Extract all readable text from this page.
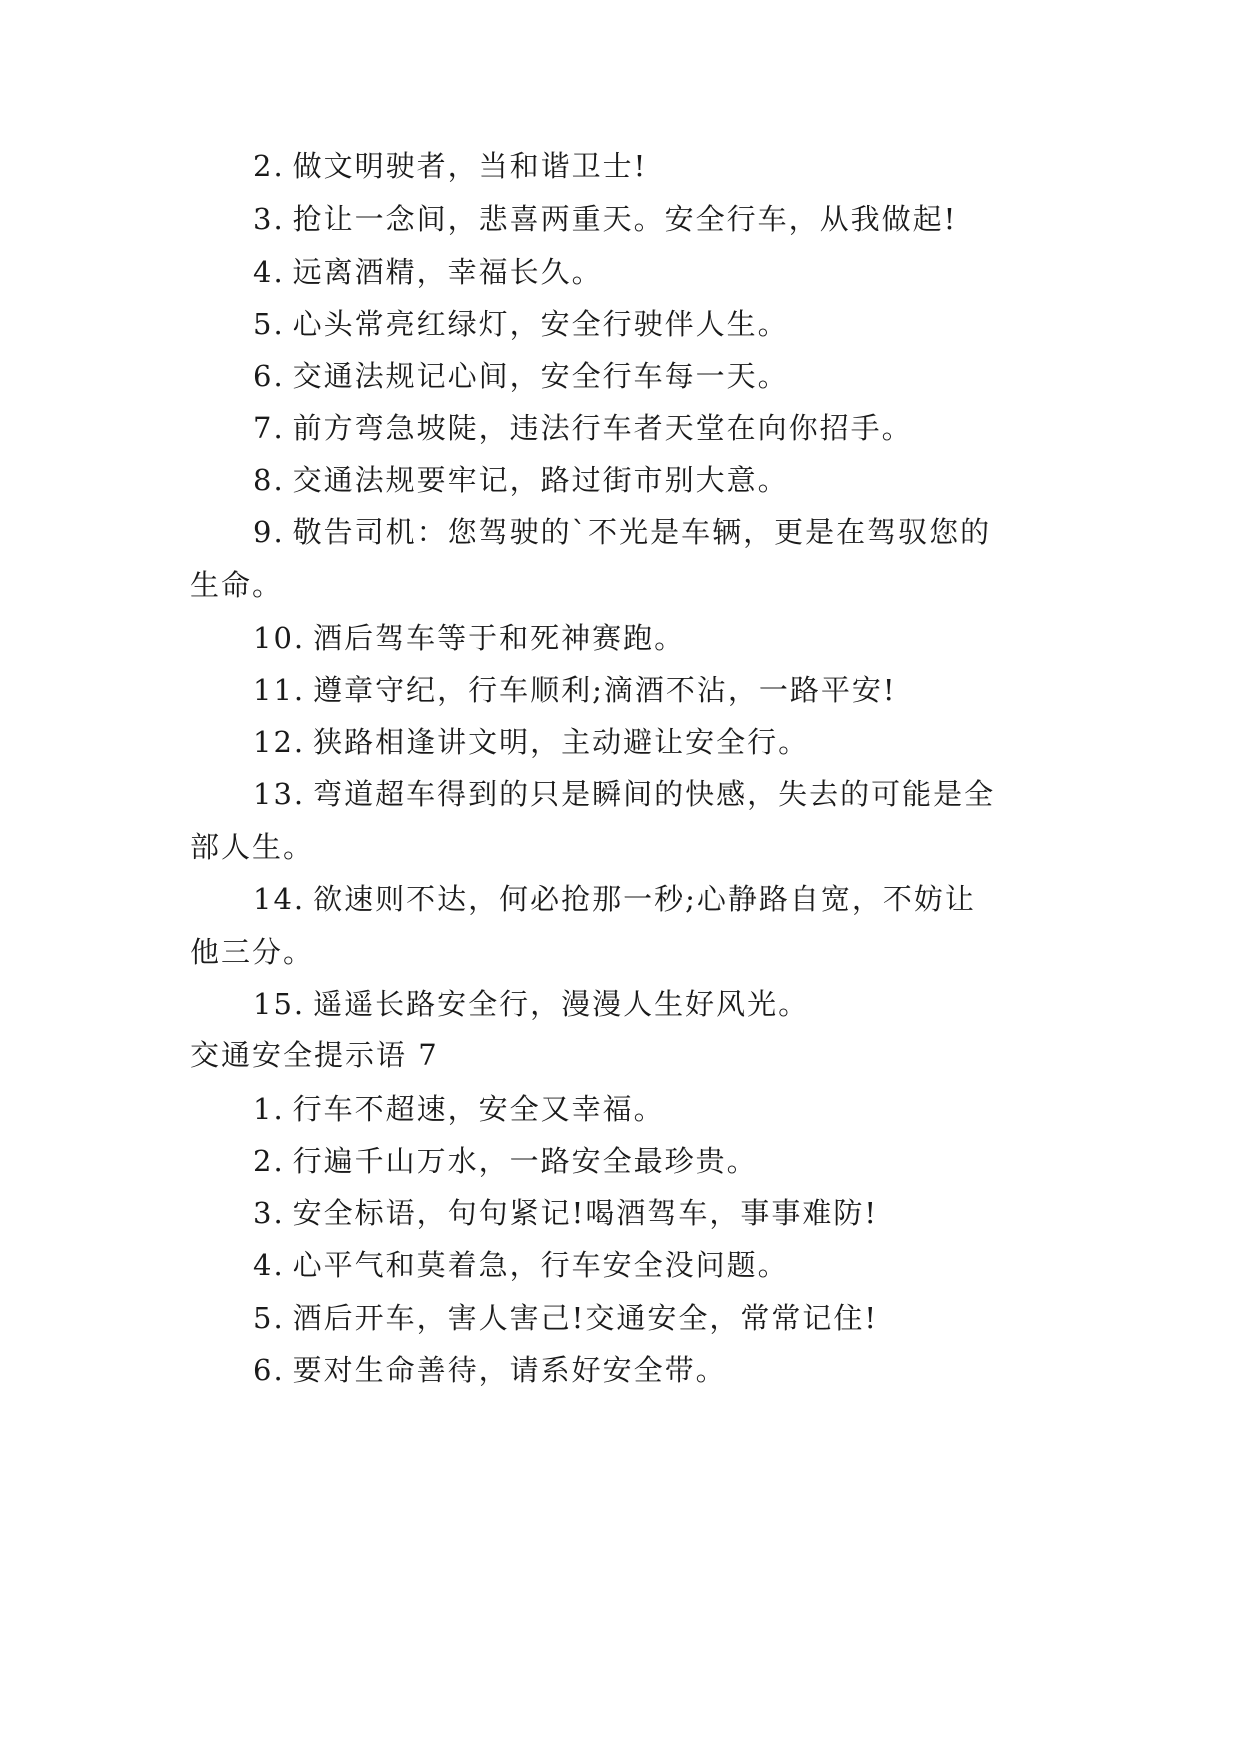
2. 做文明驶者，当和谐卫士!
3. 抢让一念间，悲喜两重天。安全行车，从我做起!
4. 远离酒精，幸福长久。
5. 心头常亮红绿灯，安全行驶伴人生。
6. 交通法规记心间，安全行车每一天。
7. 前方弯急坡陡，违法行车者天堂在向你招手。
8. 交通法规要牢记，路过街市别大意。
9. 敬告司机：您驾驶的`不光是车辆，更是在驾驭您的
生命。
10. 酒后驾车等于和死神赛跑。
11. 遵章守纪，行车顺利;滴酒不沾，一路平安!
12. 狭路相逢讲文明，主动避让安全行。
13. 弯道超车得到的只是瞬间的快感，失去的可能是全
部人生。
14. 欲速则不达，何必抢那一秒;心静路自宽，不妨让
他三分。
15. 遥遥长路安全行，漫漫人生好风光。
交通安全提示语 7
1. 行车不超速，安全又幸福。
2. 行遍千山万水，一路安全最珍贵。
3. 安全标语，句句紧记!喝酒驾车，事事难防!
4. 心平气和莫着急，行车安全没问题。
5. 酒后开车，害人害己!交通安全，常常记住!
6. 要对生命善待，请系好安全带。
